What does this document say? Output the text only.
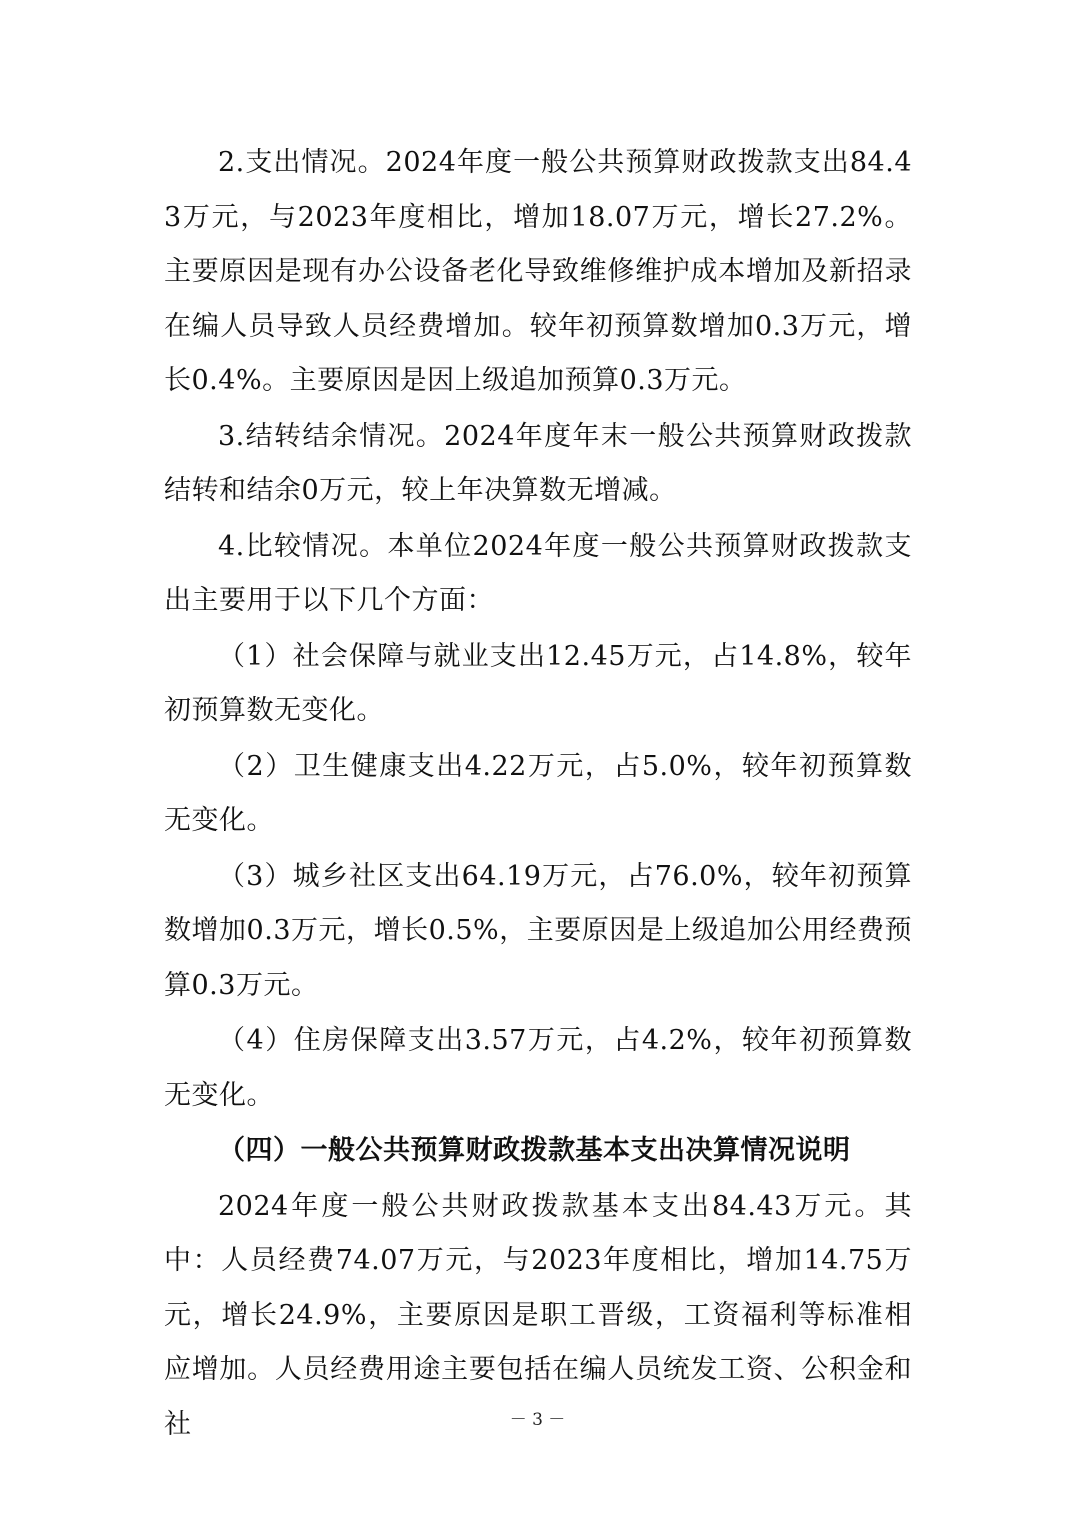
2.支出情况。2024年度一般公共预算财政拨款支出84.43万元，与2023年度相比，增加18.07万元，增长27.2%。主要原因是现有办公设备老化导致维修维护成本增加及新招录在编人员导致人员经费增加。较年初预算数增加0.3万元，增长0.4%。主要原因是因上级追加预算0.3万元。

3.结转结余情况。2024年度年末一般公共预算财政拨款结转和结余0万元，较上年决算数无增减。

4.比较情况。本单位2024年度一般公共预算财政拨款支出主要用于以下几个方面：

（1）社会保障与就业支出12.45万元，占14.8%，较年初预算数无变化。

（2）卫生健康支出4.22万元，占5.0%，较年初预算数无变化。

（3）城乡社区支出64.19万元，占76.0%，较年初预算数增加0.3万元，增长0.5%，主要原因是上级追加公用经费预算0.3万元。

（4）住房保障支出3.57万元，占4.2%，较年初预算数无变化。

（四）一般公共预算财政拨款基本支出决算情况说明

2024年度一般公共财政拨款基本支出84.43万元。其中：人员经费74.07万元，与2023年度相比，增加14.75万元，增长24.9%，主要原因是职工晋级，工资福利等标准相应增加。人员经费用途主要包括在编人员统发工资、公积金和社	－ 3 －
